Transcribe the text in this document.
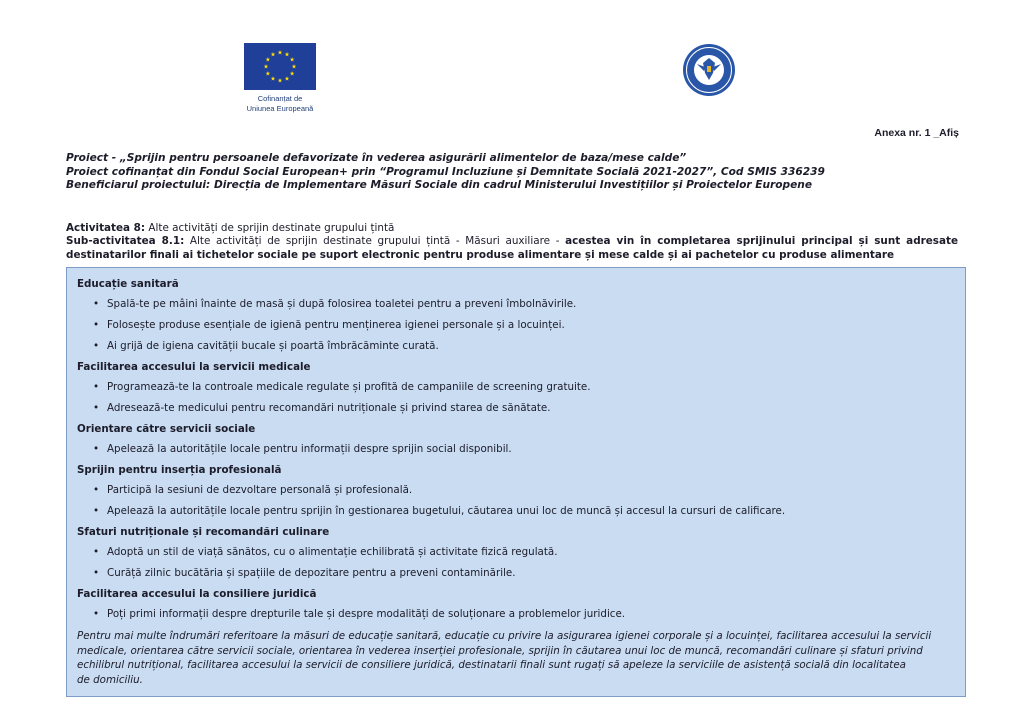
Cofinanțat de
Uniunea Europeană
Anexa nr. 1 _Afiș
Proiect - „Sprijin pentru persoanele defavorizate în vederea asigurării alimentelor de baza/mese calde”
Proiect cofinanțat din Fondul Social European+ prin “Programul Incluziune și Demnitate Socială 2021-2027”, Cod SMIS 336239
Beneficiarul proiectului: Direcția de Implementare Măsuri Sociale din cadrul Ministerului Investițiilor și Proiectelor Europene
Activitatea 8: Alte activități de sprijin destinate grupului țintă
Sub-activitatea 8.1: Alte activități de sprijin destinate grupului țintă - Măsuri auxiliare - acestea vin în completarea sprijinului principal și sunt adresate destinatarilor finali ai tichetelor sociale pe suport electronic pentru produse alimentare și mese calde și ai pachetelor cu produse alimentare
Educație sanitară
• Spală-te pe mâini înainte de masă și după folosirea toaletei pentru a preveni îmbolnăvirile.
• Folosește produse esențiale de igienă pentru menținerea igienei personale și a locuinței.
• Ai grijă de igiena cavității bucale și poartă îmbrăcăminte curată.
Facilitarea accesului la servicii medicale
• Programează-te la controale medicale regulate și profită de campaniile de screening gratuite.
• Adresează-te medicului pentru recomandări nutriționale și privind starea de sănătate.
Orientare către servicii sociale
• Apelează la autoritățile locale pentru informații despre sprijin social disponibil.
Sprijin pentru inserția profesională
• Participă la sesiuni de dezvoltare personală și profesională.
• Apelează la autoritățile locale pentru sprijin în gestionarea bugetului, căutarea unui loc de muncă și accesul la cursuri de calificare.
Sfaturi nutriționale și recomandări culinare
• Adoptă un stil de viață sănătos, cu o alimentație echilibrată și activitate fizică regulată.
• Curăță zilnic bucătăria și spațiile de depozitare pentru a preveni contaminările.
Facilitarea accesului la consiliere juridică
• Poți primi informații despre drepturile tale și despre modalități de soluționare a problemelor juridice.
Pentru mai multe îndrumări referitoare la măsuri de educație sanitară, educație cu privire la asigurarea igienei corporale și a locuinței, facilitarea accesului la servicii
medicale, orientarea către servicii sociale, orientarea în vederea inserției profesionale, sprijin în căutarea unui loc de muncă, recomandări culinare și sfaturi privind
echilibrul nutrițional, facilitarea accesului la servicii de consiliere juridică, destinatarii finali sunt rugați să apeleze la serviciile de asistență socială din localitatea
de domiciliu.
